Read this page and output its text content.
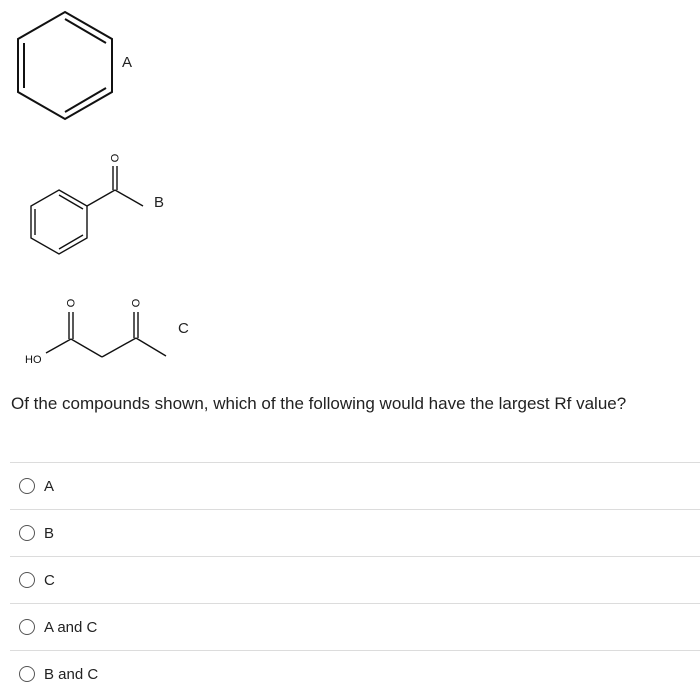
A
O
B
O	O
HO
C
Of the compounds shown, which of the following would have the largest Rf value?
A
B
C
A and C
B and C
